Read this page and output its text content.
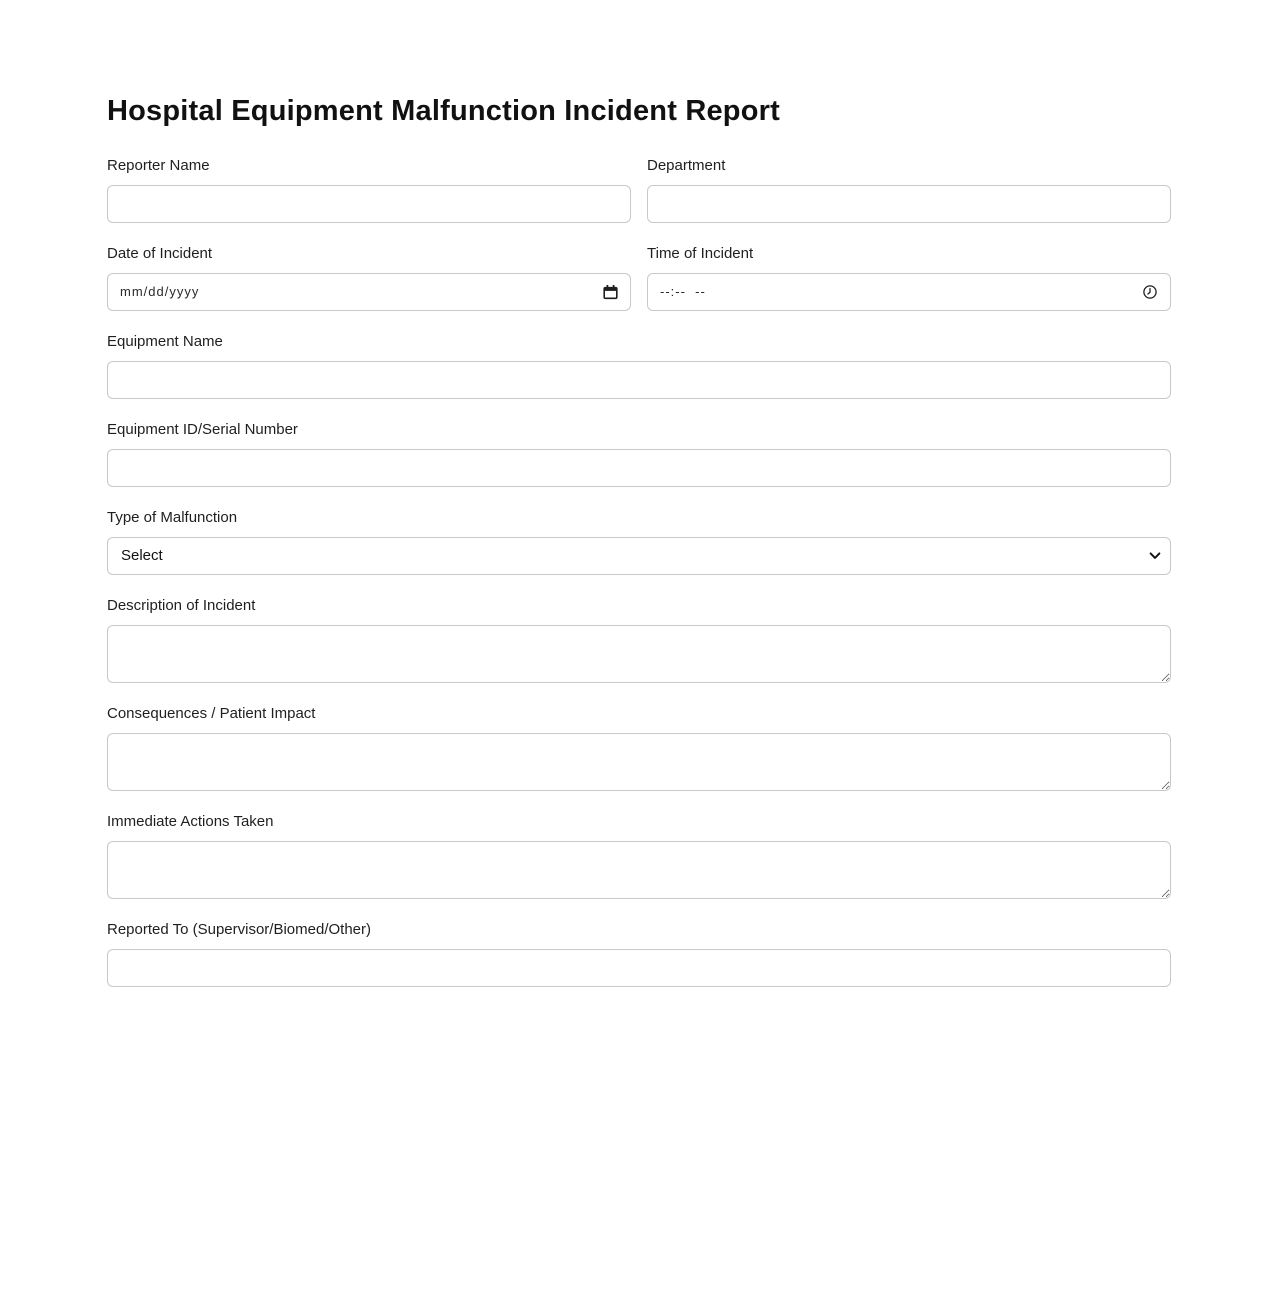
Hospital Equipment Malfunction Incident Report
Reporter Name	Department
Date of Incident
mm/dd/yyyy	Time of Incident
--:-- --
Equipment Name
Equipment ID/Serial Number
Type of Malfunction
Select
Description of Incident
Consequences / Patient Impact
Immediate Actions Taken
Reported To (Supervisor/Biomed/Other)
